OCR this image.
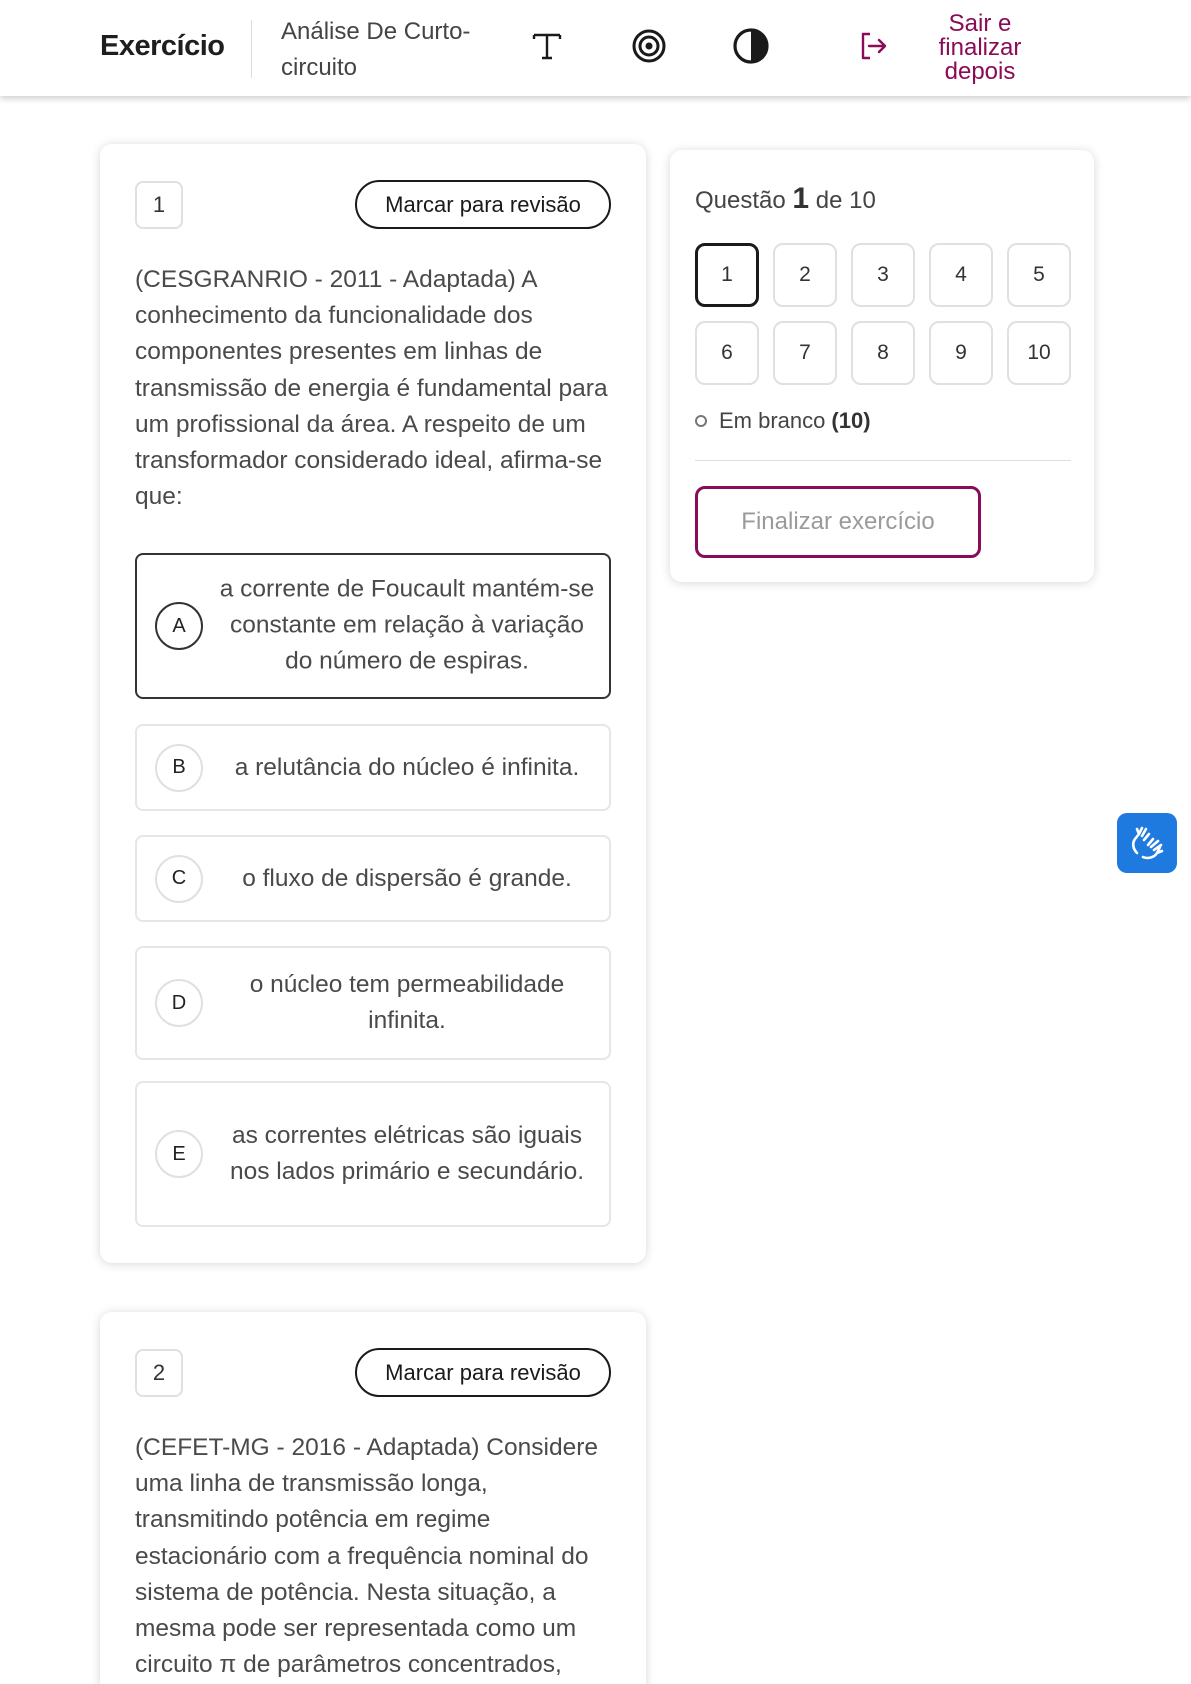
Exercício Análise De Curto-circuito
Sair e finalizar depois
1	Marcar para revisão
(CESGRANRIO - 2011 - Adaptada) A conhecimento da funcionalidade dos componentes presentes em linhas de transmissão de energia é fundamental para um profissional da área. A respeito de um transformador considerado ideal, afirma-se que:
A
a corrente de Foucault mantém-se constante em relação à variação do número de espiras.
B	a relutância do núcleo é infinita.
C	o fluxo de dispersão é grande.
D
o núcleo tem permeabilidade infinita.
E
as correntes elétricas são iguais nos lados primário e secundário.
2	Marcar para revisão
(CEFET-MG - 2016 - Adaptada) Considere uma linha de transmissão longa, transmitindo potência em regime estacionário com a frequência nominal do sistema de potência. Nesta situação, a mesma pode ser representada como um circuito π de parâmetros concentrados,
Questão 1 de 10
1	2	3	4	5
6	7	8	9	10
Em branco (10)
Finalizar exercício
